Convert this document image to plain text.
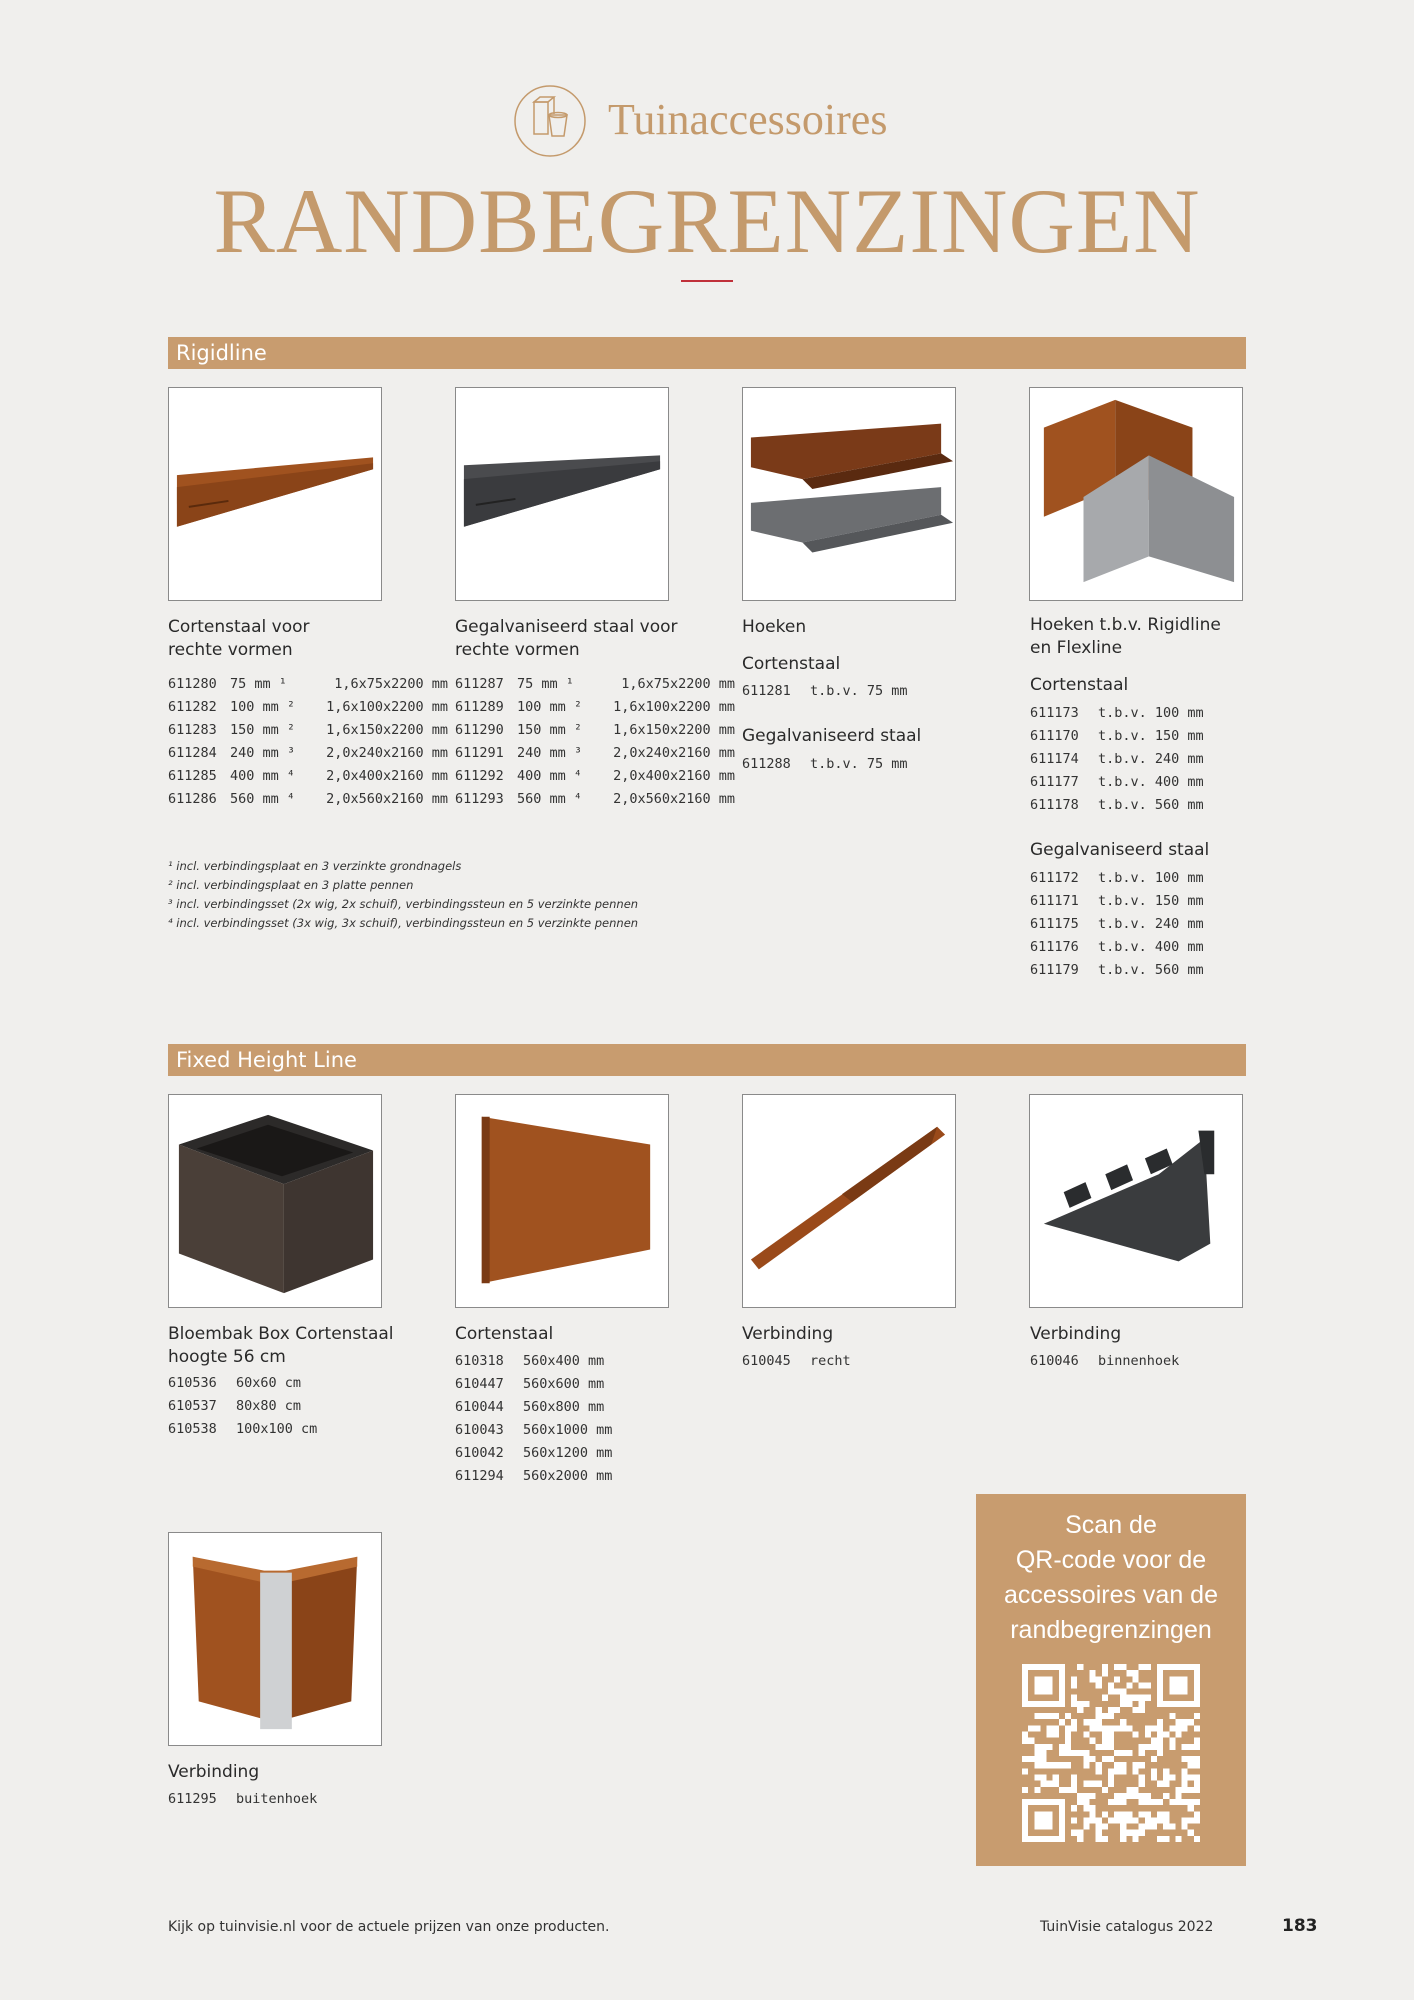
Tuinaccessoires
RANDBEGRENZINGEN
Rigidline
Cortenstaal voor
rechte vormen
611280 75 mm ¹	1,6x75x2200 mm
611282 100 mm ² 1,6x100x2200 mm
611283 150 mm ² 1,6x150x2200 mm
611284 240 mm ³ 2,0x240x2160 mm
611285 400 mm ⁴ 2,0x400x2160 mm
611286 560 mm ⁴ 2,0x560x2160 mm
Gegalvaniseerd staal voor
rechte vormen
611287 75 mm ¹	1,6x75x2200 mm
611289 100 mm ² 1,6x100x2200 mm
611290 150 mm ² 1,6x150x2200 mm
611291 240 mm ³ 2,0x240x2160 mm
611292 400 mm ⁴ 2,0x400x2160 mm
611293 560 mm ⁴ 2,0x560x2160 mm
Hoeken
Cortenstaal
611281 t.b.v. 75 mm
Gegalvaniseerd staal
611288 t.b.v. 75 mm
Hoeken t.b.v. Rigidline
en Flexline
Cortenstaal
611173 t.b.v. 100 mm
611170 t.b.v. 150 mm
611174 t.b.v. 240 mm
611177 t.b.v. 400 mm
611178 t.b.v. 560 mm
Gegalvaniseerd staal
611172 t.b.v. 100 mm
611171 t.b.v. 150 mm
611175 t.b.v. 240 mm
611176 t.b.v. 400 mm
611179 t.b.v. 560 mm
¹ incl. verbindingsplaat en 3 verzinkte grondnagels
² incl. verbindingsplaat en 3 platte pennen
³ incl. verbindingsset (2x wig, 2x schuif), verbindingssteun en 5 verzinkte pennen
⁴ incl. verbindingsset (3x wig, 3x schuif), verbindingssteun en 5 verzinkte pennen
Fixed Height Line
Bloembak Box Cortenstaal
hoogte 56 cm
610536 60x60 cm
610537 80x80 cm
610538 100x100 cm
Cortenstaal
610318 560x400 mm
610447 560x600 mm
610044 560x800 mm
610043 560x1000 mm
610042 560x1200 mm
611294 560x2000 mm
Verbinding
610045 recht
Verbinding
610046 binnenhoek
Verbinding
611295 buitenhoek
Scan de
QR-code voor de
accessoires van de
randbegrenzingen
Kijk op tuinvisie.nl voor de actuele prijzen van onze producten.	TuinVisie catalogus 2022	183
